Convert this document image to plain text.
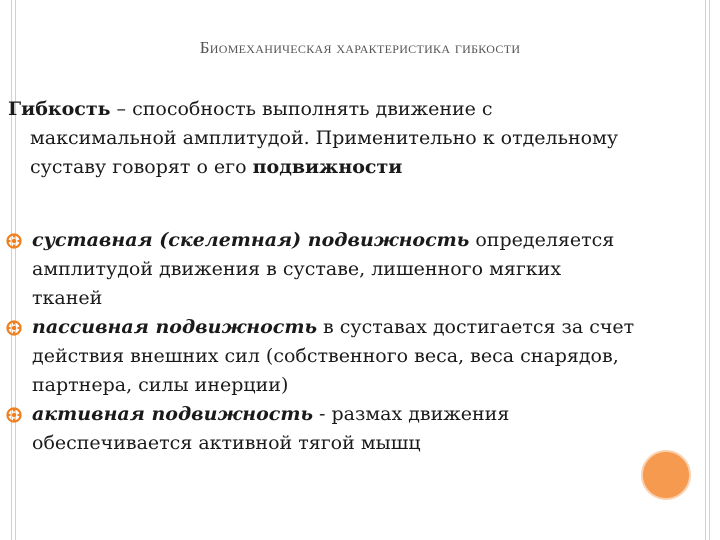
Биомеханическая характеристика гибкости
Гибкость – способность выполнять движение с
максимальной амплитудой. Применительно к отдельному
суставу говорят о его подвижности
суставная (скелетная) подвижность определяется
амплитудой движения в суставе, лишенного мягких
тканей
пассивная подвижность в суставах достигается за счет
действия внешних сил (собственного веса, веса снарядов,
партнера, силы инерции)
активная подвижность - размах движения
обеспечивается активной тягой мышц
